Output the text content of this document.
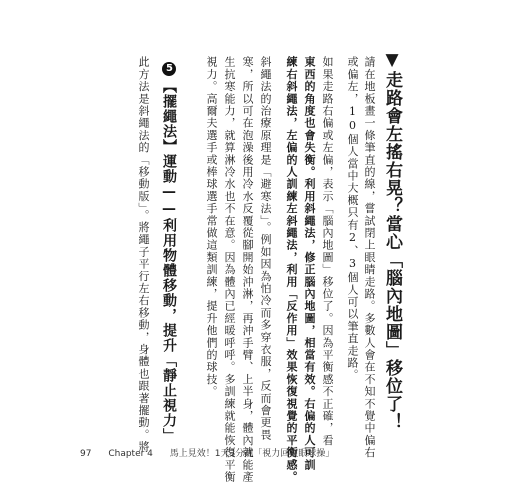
▼走路會左搖右晃？當心「腦內地圖」移位了！
請在地板畫一條筆直的線，嘗試閉上眼睛走路。多數人會在不知不覺中偏右
或偏左，10個人當中大概只有2、3個人可以筆直走路。
如果走路右偏或左偏，表示「腦內地圖」移位了。因為平衡感不正確，看
東西的角度也會失衡。利用斜繩法，修正腦內地圖，相當有效。右偏的人可訓
練右斜繩法，左偏的人訓練左斜繩法，利用「反作用」效果恢復視覺的平衡感。
斜繩法的治療原理是「避寒法」。例如因為怕冷而多穿衣服，反而會更畏
寒，所以可在泡澡後用冷水反覆從腳開始沖淋，再沖手臂、上半身，體內就能產
生抗寒能力，就算淋冷水也不在意。因為體內已經暖呼呼。多訓練就能恢復平衡
視力。高爾夫選手或棒球選手常做這類訓練，提升他們的球技。
5【擺繩法】運動——利用物體移動，提升「靜止視力」
此方法是斜繩法的「移動版」。將繩子平行左右移動，身體也跟著擺動。將
97 Chapter 4 馬上見效！1天3分鐘「視力回復眼球操」
